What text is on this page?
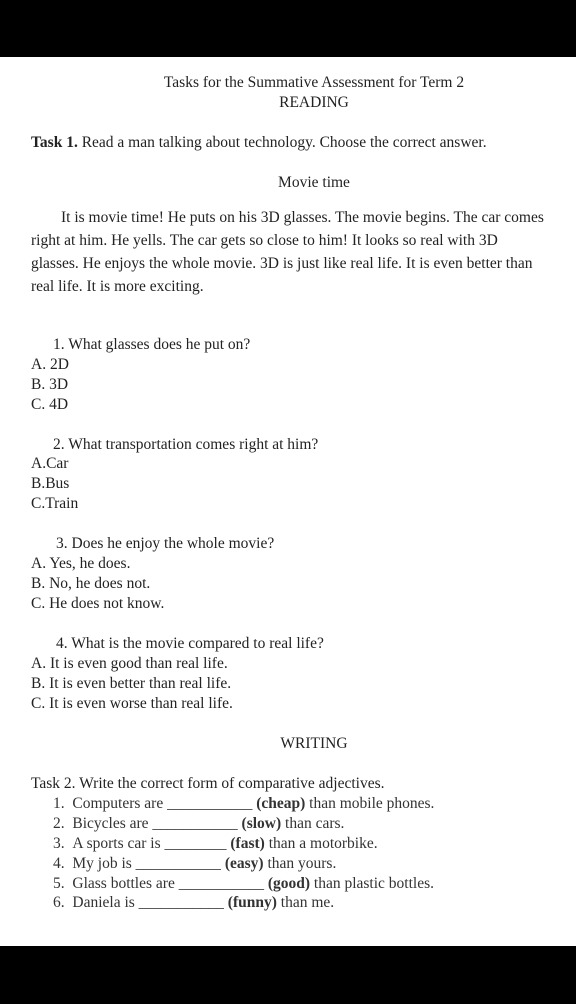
Tasks for the Summative Assessment for Term 2
READING
Task 1. Read a man talking about technology. Choose the correct answer.
Movie time
It is movie time! He puts on his 3D glasses. The movie begins. The car comes
right at him. He yells. The car gets so close to him! It looks so real with 3D
glasses. He enjoys the whole movie. 3D is just like real life. It is even better than
real life. It is more exciting.
1. What glasses does he put on?
A. 2D
B. 3D
C. 4D
2. What transportation comes right at him?
A.Car
B.Bus
C.Train
3. Does he enjoy the whole movie?
A. Yes, he does.
B. No, he does not.
C. He does not know.
4. What is the movie compared to real life?
A. It is even good than real life.
B. It is even better than real life.
C. It is even worse than real life.
WRITING
Task 2. Write the correct form of comparative adjectives.
1. Computers are ___________ (cheap) than mobile phones.
2. Bicycles are ___________ (slow) than cars.
3. A sports car is ________ (fast) than a motorbike.
4. My job is ___________ (easy) than yours.
5. Glass bottles are ___________ (good) than plastic bottles.
6. Daniela is ___________ (funny) than me.
